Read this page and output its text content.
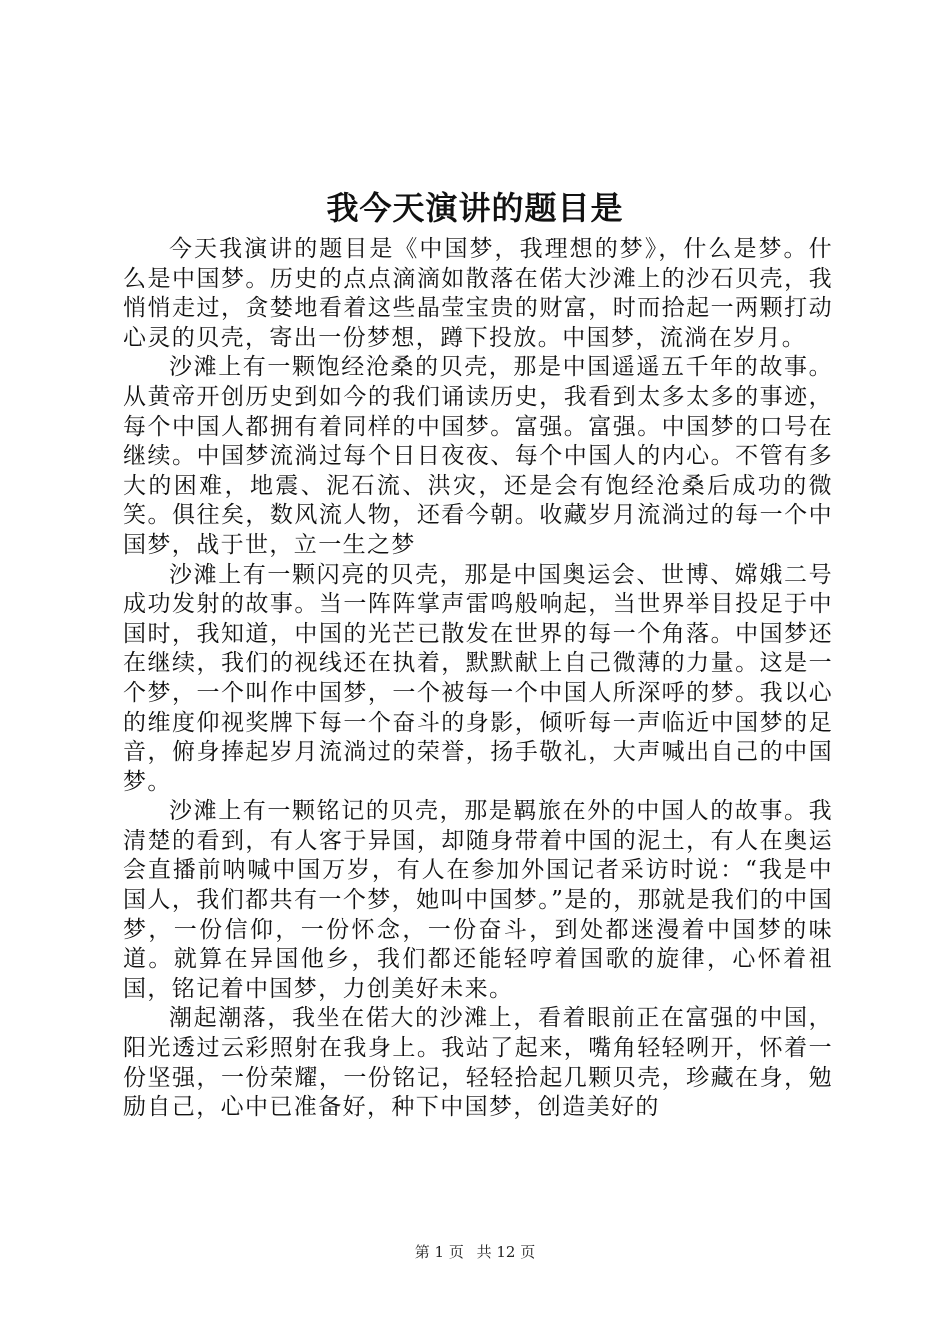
我今天演讲的题目是

今天我演讲的题目是《中国梦，我理想的梦》，什么是梦。什么是中国梦。历史的点点滴滴如散落在偌大沙滩上的沙石贝壳，我悄悄走过，贪婪地看着这些晶莹宝贵的财富，时而拾起一两颗打动心灵的贝壳，寄出一份梦想，蹲下投放。中国梦，流淌在岁月。

沙滩上有一颗饱经沧桑的贝壳，那是中国遥遥五千年的故事。从黄帝开创历史到如今的我们诵读历史，我看到太多太多的事迹，每个中国人都拥有着同样的中国梦。富强。富强。中国梦的口号在继续。中国梦流淌过每个日日夜夜、每个中国人的内心。不管有多大的困难，地震、泥石流、洪灾，还是会有饱经沧桑后成功的微笑。俱往矣，数风流人物，还看今朝。收藏岁月流淌过的每一个中国梦，战于世，立一生之梦

沙滩上有一颗闪亮的贝壳，那是中国奥运会、世博、嫦娥二号成功发射的故事。当一阵阵掌声雷鸣般响起，当世界举目投足于中国时，我知道，中国的光芒已散发在世界的每一个角落。中国梦还在继续，我们的视线还在执着，默默献上自己微薄的力量。这是一个梦，一个叫作中国梦，一个被每一个中国人所深呼的梦。我以心的维度仰视奖牌下每一个奋斗的身影，倾听每一声临近中国梦的足音，俯身捧起岁月流淌过的荣誉，扬手敬礼，大声喊出自己的中国梦。

沙滩上有一颗铭记的贝壳，那是羁旅在外的中国人的故事。我清楚的看到，有人客于异国，却随身带着中国的泥土，有人在奥运会直播前呐喊中国万岁，有人在参加外国记者采访时说：“我是中国人，我们都共有一个梦，她叫中国梦。”是的，那就是我们的中国梦，一份信仰，一份怀念，一份奋斗，到处都迷漫着中国梦的味道。就算在异国他乡，我们都还能轻哼着国歌的旋律，心怀着祖国，铭记着中国梦，力创美好未来。

潮起潮落，我坐在偌大的沙滩上，看着眼前正在富强的中国，阳光透过云彩照射在我身上。我站了起来，嘴角轻轻咧开，怀着一份坚强，一份荣耀，一份铭记，轻轻拾起几颗贝壳，珍藏在身，勉励自己，心中已准备好，种下中国梦，创造美好的

第 1 页 共 12 页
